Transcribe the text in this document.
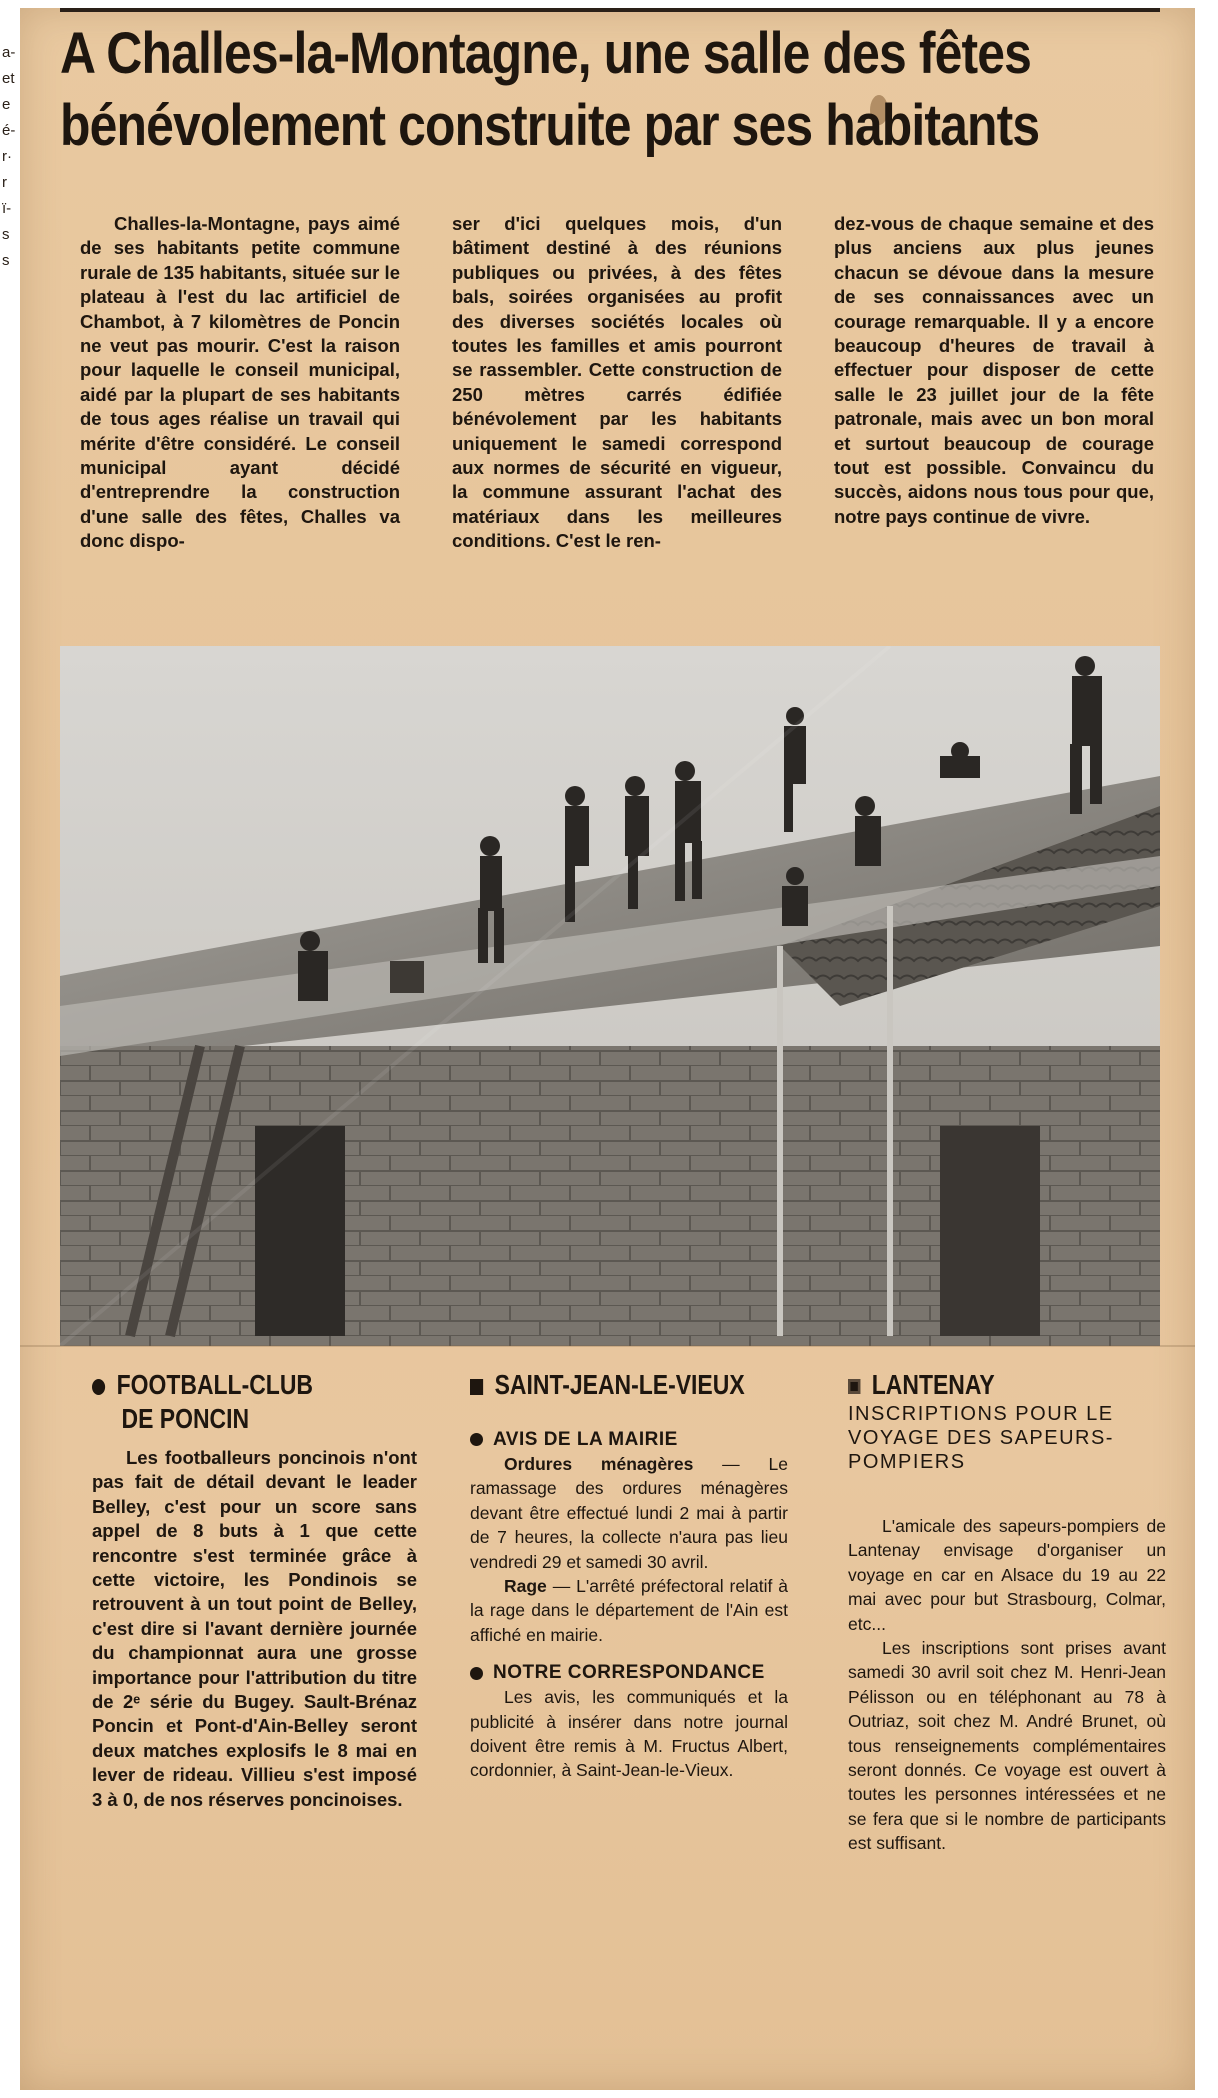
a-
et
e
é-
r·
r
ï-
s
s
A Challes-la-Montagne, une salle des fêtes
bénévolement construite par ses habitants

Challes-la-Montagne, pays aimé de ses habitants petite commune rurale de 135 habitants, située sur le plateau à l'est du lac artificiel de Chambot, à 7 kilomètres de Poncin ne veut pas mourir. C'est la raison pour laquelle le conseil municipal, aidé par la plupart de ses habitants de tous ages réalise un travail qui mérite d'être considéré. Le conseil municipal ayant décidé d'entreprendre la construction d'une salle des fêtes, Challes va donc dispo-

ser d'ici quelques mois, d'un bâtiment destiné à des réunions publiques ou privées, à des fêtes bals, soirées organisées au profit des diverses sociétés locales où toutes les familles et amis pourront se rassembler. Cette construction de 250 mètres carrés édifiée bénévolement par les habitants uniquement le samedi correspond aux normes de sécurité en vigueur, la commune assurant l'achat des matériaux dans les meilleures conditions. C'est le ren-

dez-vous de chaque semaine et des plus anciens aux plus jeunes chacun se dévoue dans la mesure de ses connaissances avec un courage remarquable. Il y a encore beaucoup d'heures de travail à effectuer pour disposer de cette salle le 23 juillet jour de la fête patronale, mais avec un bon moral et surtout beaucoup de courage tout est possible. Convaincu du succès, aidons nous tous pour que, notre pays continue de vivre.

FOOTBALL-CLUB
DE PONCIN

Les footballeurs poncinois n'ont pas fait de détail devant le leader Belley, c'est pour un score sans appel de 8 buts à 1 que cette rencontre s'est terminée grâce à cette victoire, les Pondinois se retrouvent à un tout point de Belley, c'est dire si l'avant dernière journée du championnat aura une grosse importance pour l'attribution du titre de 2ᵉ série du Bugey. Sault-Brénaz Poncin et Pont-d'Ain-Belley seront deux matches explosifs le 8 mai en lever de rideau. Villieu s'est imposé 3 à 0, de nos réserves poncinoises.

SAINT-JEAN-LE-VIEUX
AVIS DE LA MAIRIE

Ordures ménagères — Le ramassage des ordures ménagères devant être effectué lundi 2 mai à partir de 7 heures, la collecte n'aura pas lieu vendredi 29 et samedi 30 avril.

Rage — L'arrêté préfectoral relatif à la rage dans le département de l'Ain est affiché en mairie.

NOTRE CORRESPONDANCE

Les avis, les communiqués et la publicité à insérer dans notre journal doivent être remis à M. Fructus Albert, cordonnier, à Saint-Jean-le-Vieux.

LANTENAY

INSCRIPTIONS POUR LE VOYAGE DES SAPEURS-POMPIERS

L'amicale des sapeurs-pompiers de Lantenay envisage d'organiser un voyage en car en Alsace du 19 au 22 mai avec pour but Strasbourg, Colmar, etc...

Les inscriptions sont prises avant samedi 30 avril soit chez M. Henri-Jean Pélisson ou en téléphonant au 78 à Outriaz, soit chez M. André Brunet, où tous renseignements complémentaires seront donnés. Ce voyage est ouvert à toutes les personnes intéressées et ne se fera que si le nombre de participants est suffisant.
